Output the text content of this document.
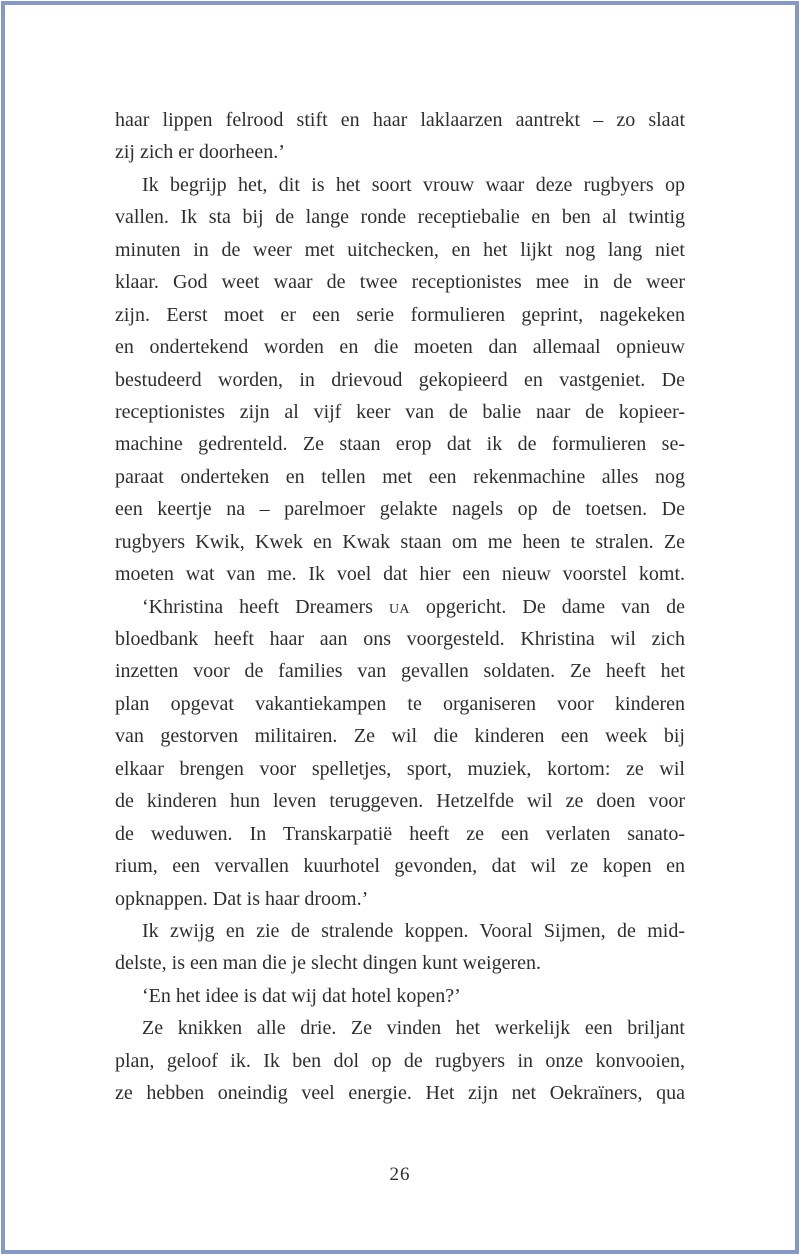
haar lippen felrood stift en haar laklaarzen aantrekt – zo slaat
zij zich er doorheen.’
Ik begrijp het, dit is het soort vrouw waar deze rugbyers op
vallen. Ik sta bij de lange ronde receptiebalie en ben al twintig
minuten in de weer met uitchecken, en het lijkt nog lang niet
klaar. God weet waar de twee receptionistes mee in de weer
zijn. Eerst moet er een serie formulieren geprint, nagekeken
en ondertekend worden en die moeten dan allemaal opnieuw
bestudeerd worden, in drievoud gekopieerd en vastgeniet. De
receptionistes zijn al vijf keer van de balie naar de kopieer-
machine gedrenteld. Ze staan erop dat ik de formulieren se-
paraat onderteken en tellen met een rekenmachine alles nog
een keertje na – parelmoer gelakte nagels op de toetsen. De
rugbyers Kwik, Kwek en Kwak staan om me heen te stralen. Ze
moeten wat van me. Ik voel dat hier een nieuw voorstel komt.
‘Khristina heeft Dreamers ua opgericht. De dame van de
bloedbank heeft haar aan ons voorgesteld. Khristina wil zich
inzetten voor de families van gevallen soldaten. Ze heeft het
plan opgevat vakantiekampen te organiseren voor kinderen
van gestorven militairen. Ze wil die kinderen een week bij
elkaar brengen voor spelletjes, sport, muziek, kortom: ze wil
de kinderen hun leven teruggeven. Hetzelfde wil ze doen voor
de weduwen. In Transkarpatië heeft ze een verlaten sanato-
rium, een vervallen kuurhotel gevonden, dat wil ze kopen en
opknappen. Dat is haar droom.’
Ik zwijg en zie de stralende koppen. Vooral Sijmen, de mid-
delste, is een man die je slecht dingen kunt weigeren.
‘En het idee is dat wij dat hotel kopen?’
Ze knikken alle drie. Ze vinden het werkelijk een briljant
plan, geloof ik. Ik ben dol op de rugbyers in onze konvooien,
ze hebben oneindig veel energie. Het zijn net Oekraïners, qua
26
